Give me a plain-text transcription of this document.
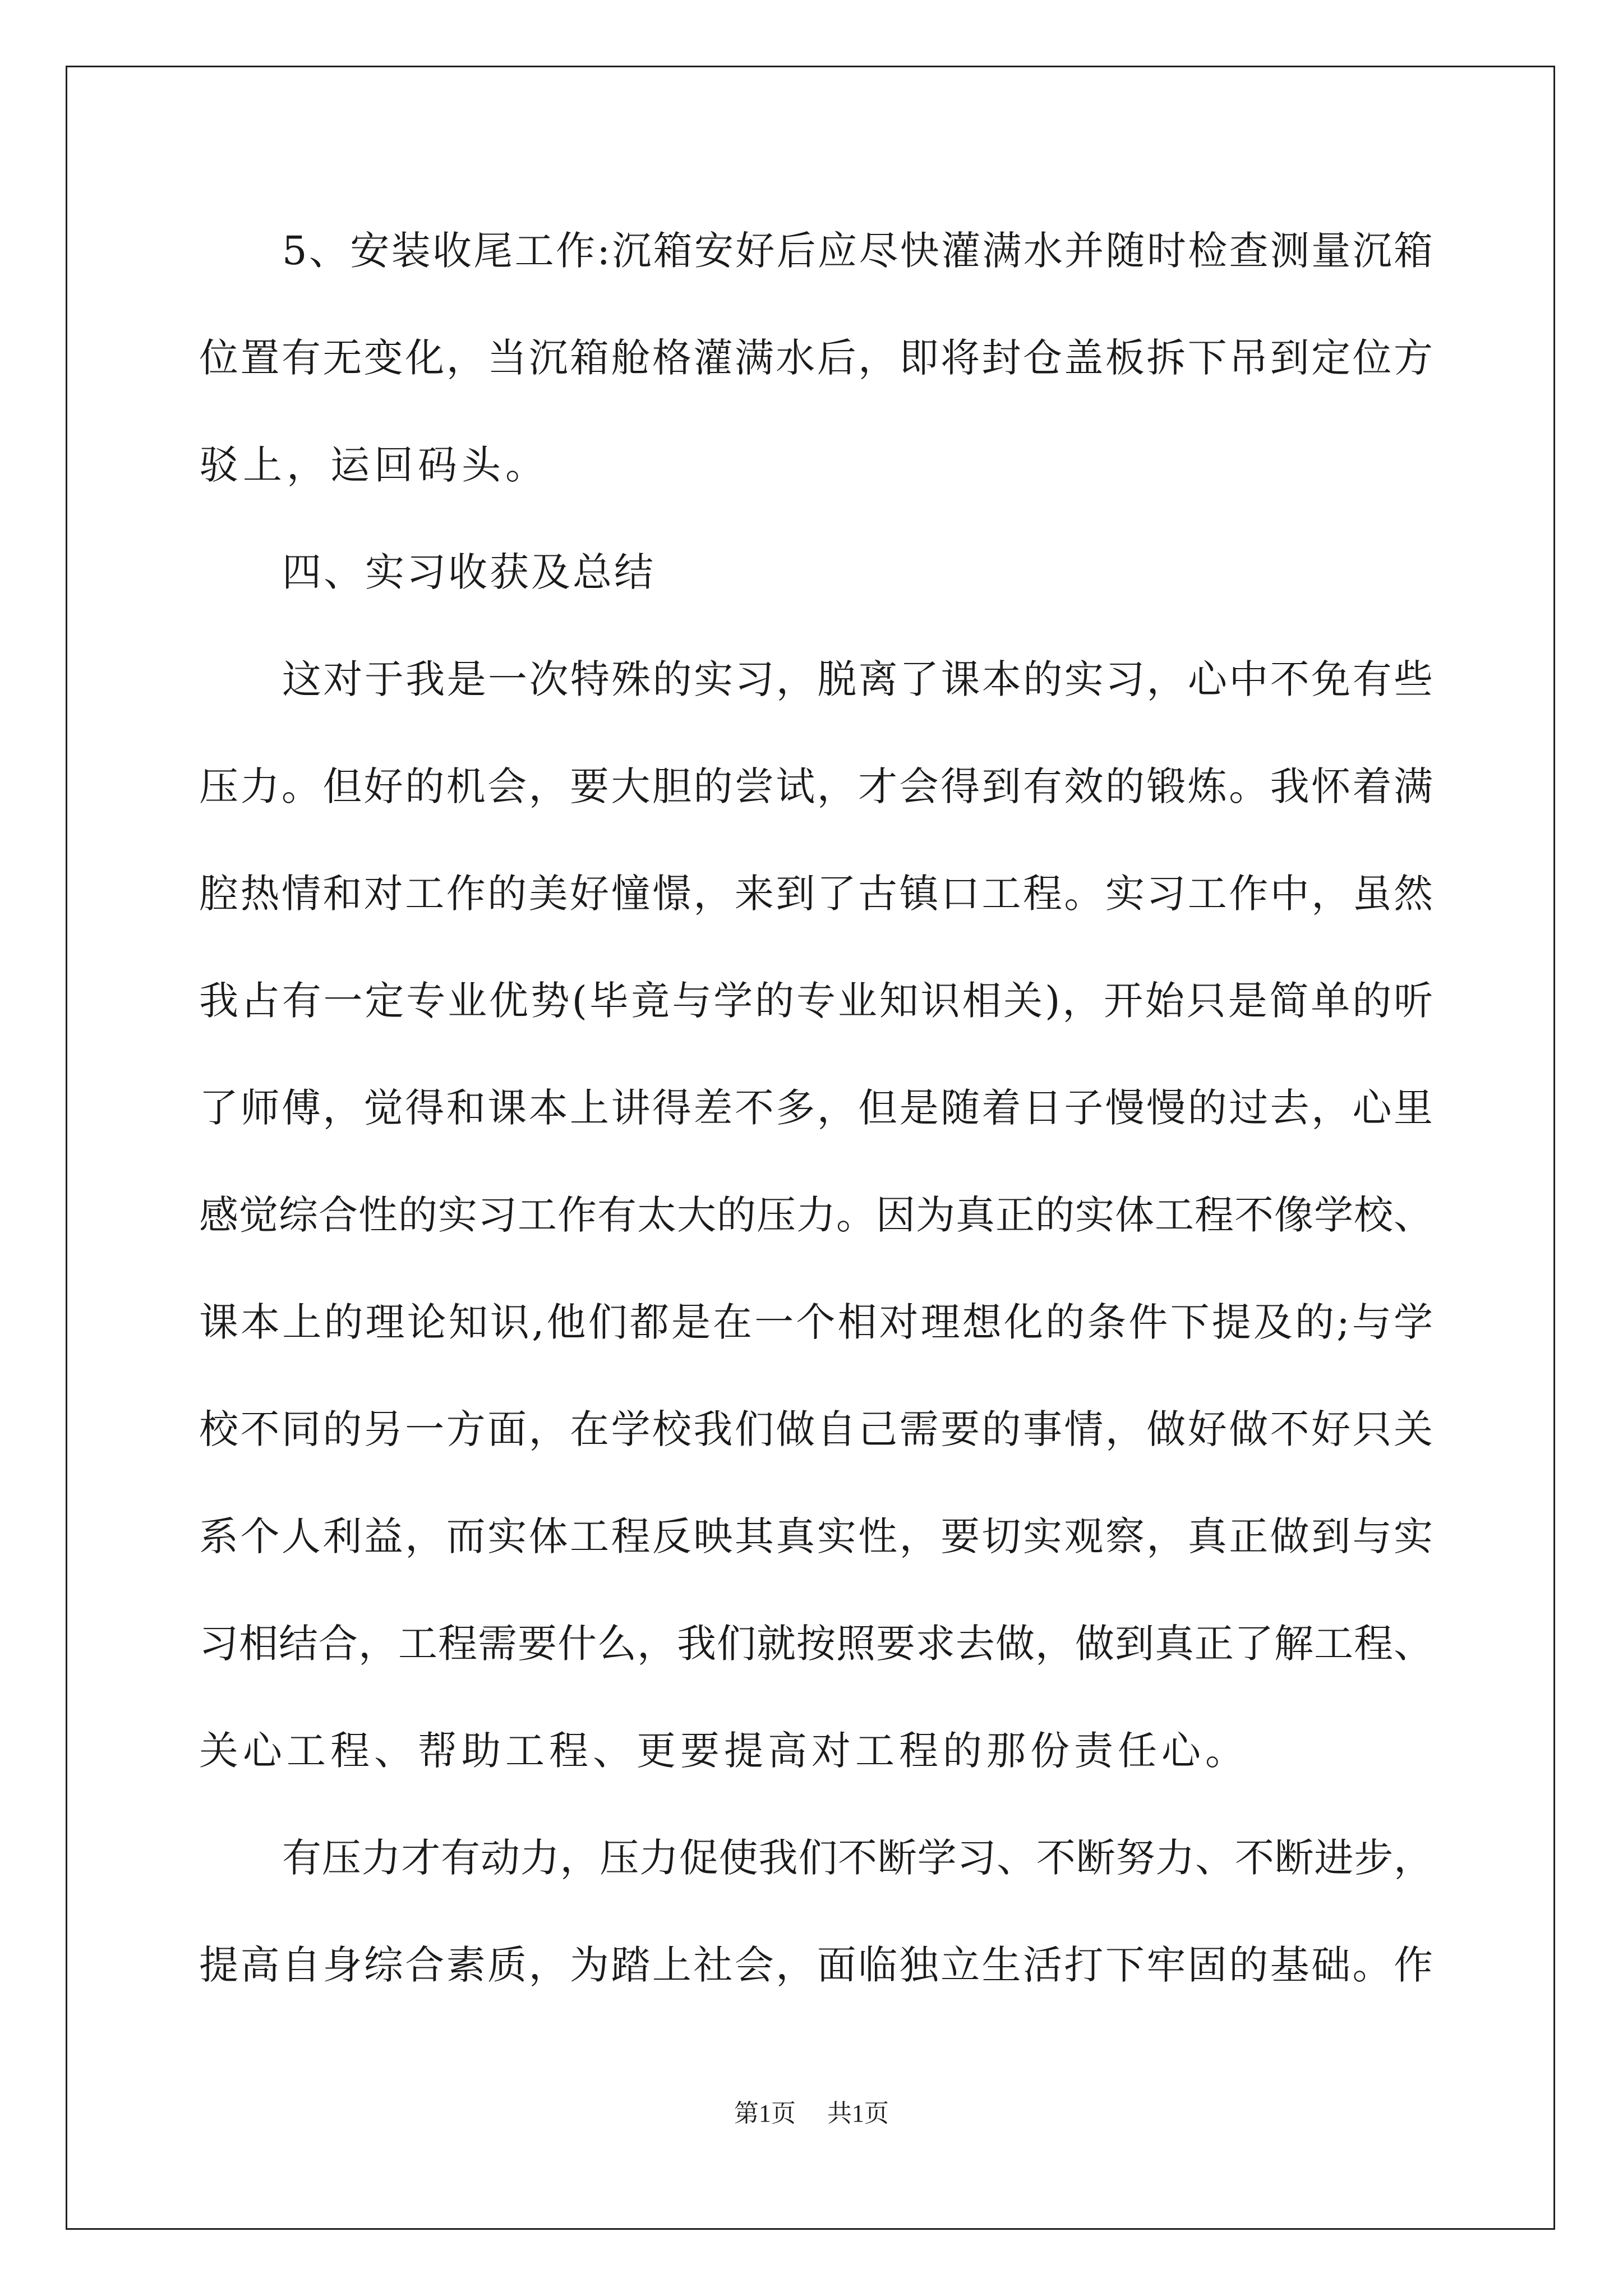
5、安装收尾工作:沉箱安好后应尽快灌满水并随时检查测量沉箱
位置有无变化，当沉箱舱格灌满水后，即将封仓盖板拆下吊到定位方
驳上，运回码头。
四、实习收获及总结
这对于我是一次特殊的实习，脱离了课本的实习，心中不免有些
压力。但好的机会，要大胆的尝试，才会得到有效的锻炼。我怀着满
腔热情和对工作的美好憧憬，来到了古镇口工程。实习工作中，虽然
我占有一定专业优势(毕竟与学的专业知识相关)，开始只是简单的听
了师傅，觉得和课本上讲得差不多，但是随着日子慢慢的过去，心里
感觉综合性的实习工作有太大的压力。因为真正的实体工程不像学校、
课本上的理论知识,他们都是在一个相对理想化的条件下提及的;与学
校不同的另一方面，在学校我们做自己需要的事情，做好做不好只关
系个人利益，而实体工程反映其真实性，要切实观察，真正做到与实
习相结合，工程需要什么，我们就按照要求去做，做到真正了解工程、
关心工程、帮助工程、更要提高对工程的那份责任心。
有压力才有动力，压力促使我们不断学习、不断努力、不断进步，
提高自身综合素质，为踏上社会，面临独立生活打下牢固的基础。作
第1页 共1页
